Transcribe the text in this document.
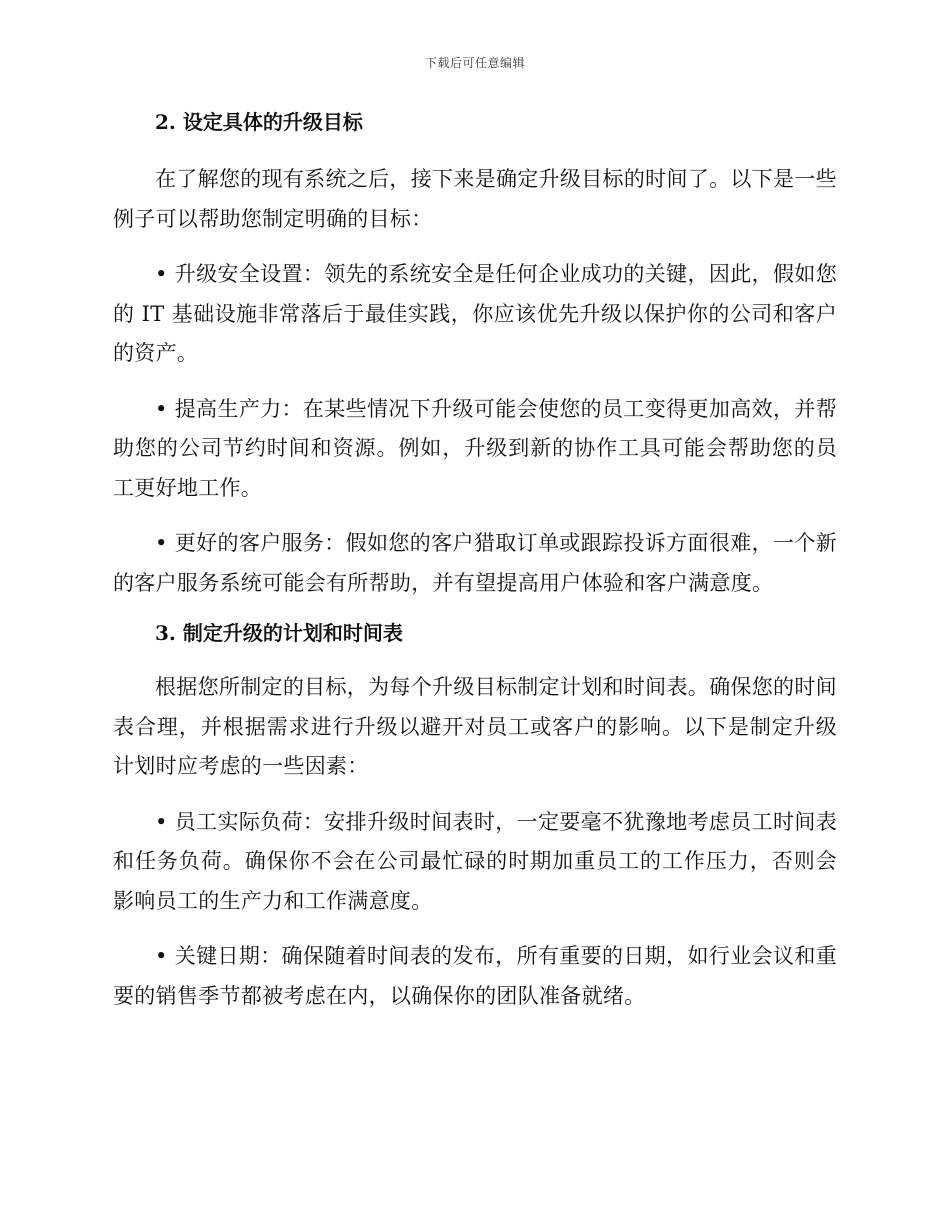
下载后可任意编辑
2. 设定具体的升级目标

在了解您的现有系统之后，接下来是确定升级目标的时间了。以下是一些例子可以帮助您制定明确的目标：

• 升级安全设置：领先的系统安全是任何企业成功的关键，因此，假如您的 IT 基础设施非常落后于最佳实践，你应该优先升级以保护你的公司和客户的资产。

• 提高生产力：在某些情况下升级可能会使您的员工变得更加高效，并帮助您的公司节约时间和资源。例如，升级到新的协作工具可能会帮助您的员工更好地工作。

• 更好的客户服务：假如您的客户猎取订单或跟踪投诉方面很难，一个新的客户服务系统可能会有所帮助，并有望提高用户体验和客户满意度。

3. 制定升级的计划和时间表

根据您所制定的目标，为每个升级目标制定计划和时间表。确保您的时间表合理，并根据需求进行升级以避开对员工或客户的影响。以下是制定升级计划时应考虑的一些因素：

• 员工实际负荷：安排升级时间表时，一定要毫不犹豫地考虑员工时间表和任务负荷。确保你不会在公司最忙碌的时期加重员工的工作压力，否则会影响员工的生产力和工作满意度。

• 关键日期：确保随着时间表的发布，所有重要的日期，如行业会议和重要的销售季节都被考虑在内，以确保你的团队准备就绪。
